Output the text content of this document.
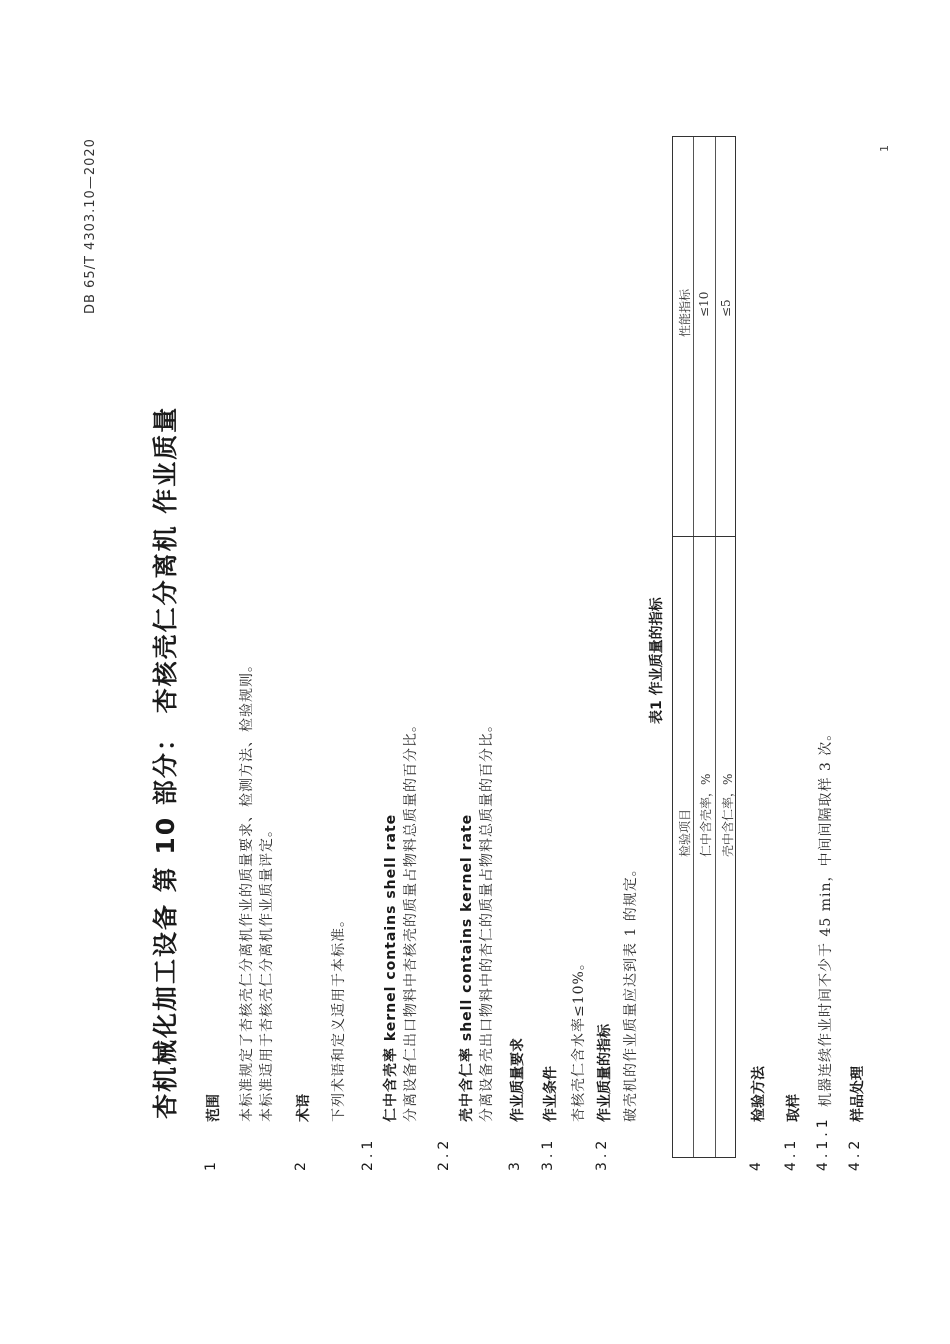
DB 65/T 4303.10—2020	1
杏机械化加工设备 第 10 部分： 杏核壳仁分离机 作业质量
1
范围 本标准规定了杏核壳仁分离机作业的质量要求、检测方法、检验规则。 本标准适用于杏核壳仁分离机作业质量评定。
2
术语 下列术语和定义适用于本标准。
2.1
仁中含壳率 kernel contains shell rate 分离设备仁出口物料中杏核壳的质量占物料总质量的百分比。
2.2
壳中含仁率 shell contains kernel rate 分离设备壳出口物料中的杏仁的质量占物料总质量的百分比。
3
作业质量要求
3.1
作业条件 杏核壳仁含水率≤10%。
3.2
作业质量的指标 破壳机的作业质量应达到表 1 的规定。
表1 作业质量的指标
检验项目
性能指标
仁中含壳率，%
≤10
壳中含仁率，%
≤5
4
检验方法
4.1
取样
4.1.1
机器连续作业时间不少于 45 min，中间间隔取样 3 次。
4.2
样品处理
